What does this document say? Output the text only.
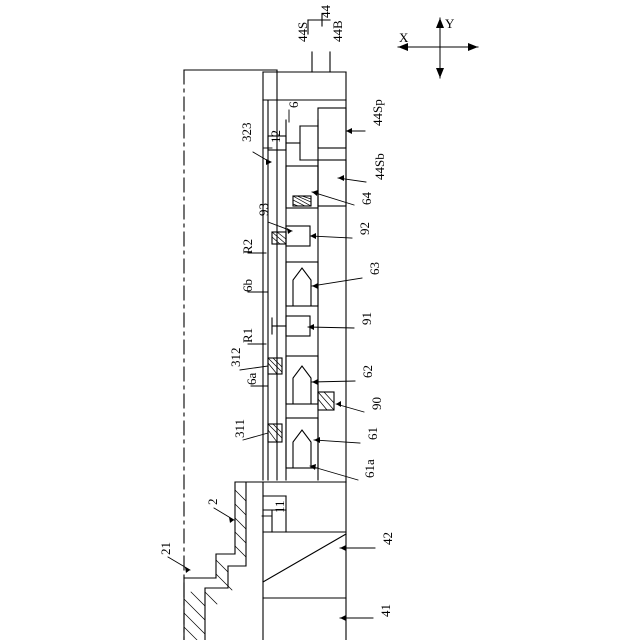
44
44S 44B
6
12
323
44Sp
44Sb
64
93
92
R2
6b
63
91
R1
312
6a
62
90
61
311
61a
2	11
42
21
41
X
Y
